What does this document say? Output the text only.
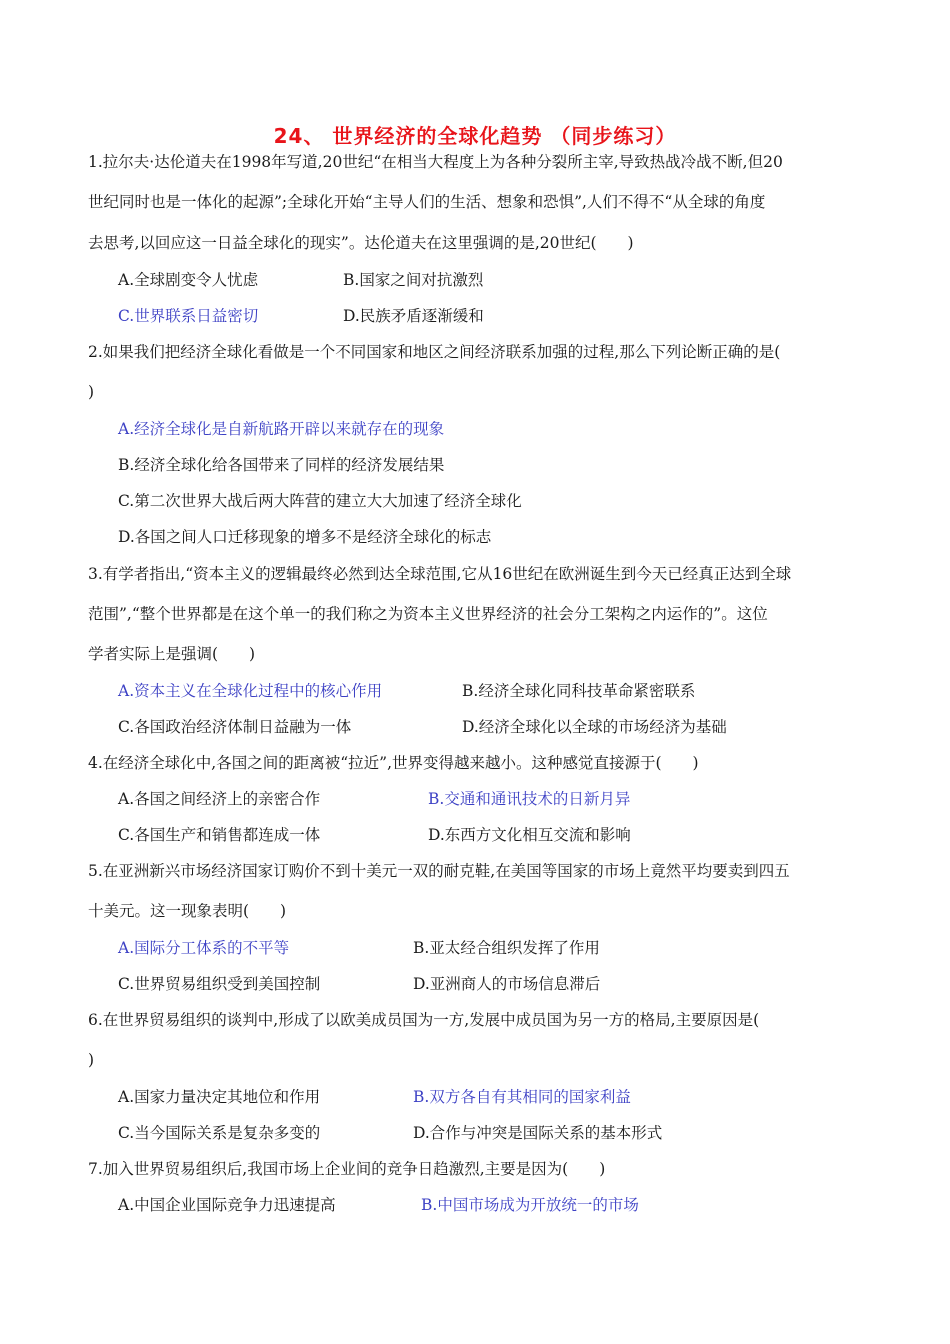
24、 世界经济的全球化趋势 （同步练习）
1.拉尔夫·达伦道夫在1998年写道,20世纪“在相当大程度上为各种分裂所主宰,导致热战冷战不断,但20
世纪同时也是一体化的起源”;全球化开始“主导人们的生活、想象和恐惧”,人们不得不“从全球的角度
去思考,以回应这一日益全球化的现实”。达伦道夫在这里强调的是,20世纪(　　)
A.全球剧变令人忧虑	B.国家之间对抗激烈
C.世界联系日益密切	D.民族矛盾逐渐缓和
2.如果我们把经济全球化看做是一个不同国家和地区之间经济联系加强的过程,那么下列论断正确的是(
)
A.经济全球化是自新航路开辟以来就存在的现象
B.经济全球化给各国带来了同样的经济发展结果
C.第二次世界大战后两大阵营的建立大大加速了经济全球化
D.各国之间人口迁移现象的增多不是经济全球化的标志
3.有学者指出,“资本主义的逻辑最终必然到达全球范围,它从16世纪在欧洲诞生到今天已经真正达到全球
范围”,“整个世界都是在这个单一的我们称之为资本主义世界经济的社会分工架构之内运作的”。这位
学者实际上是强调(　　)
A.资本主义在全球化过程中的核心作用	B.经济全球化同科技革命紧密联系
C.各国政治经济体制日益融为一体	D.经济全球化以全球的市场经济为基础
4.在经济全球化中,各国之间的距离被“拉近”,世界变得越来越小。这种感觉直接源于(　　)
A.各国之间经济上的亲密合作	B.交通和通讯技术的日新月异
C.各国生产和销售都连成一体	D.东西方文化相互交流和影响
5.在亚洲新兴市场经济国家订购价不到十美元一双的耐克鞋,在美国等国家的市场上竟然平均要卖到四五
十美元。这一现象表明(　　)
A.国际分工体系的不平等	B.亚太经合组织发挥了作用
C.世界贸易组织受到美国控制	D.亚洲商人的市场信息滞后
6.在世界贸易组织的谈判中,形成了以欧美成员国为一方,发展中成员国为另一方的格局,主要原因是(
)
A.国家力量决定其地位和作用	B.双方各自有其相同的国家利益
C.当今国际关系是复杂多变的	D.合作与冲突是国际关系的基本形式
7.加入世界贸易组织后,我国市场上企业间的竞争日趋激烈,主要是因为(　　)
A.中国企业国际竞争力迅速提高	B.中国市场成为开放统一的市场
